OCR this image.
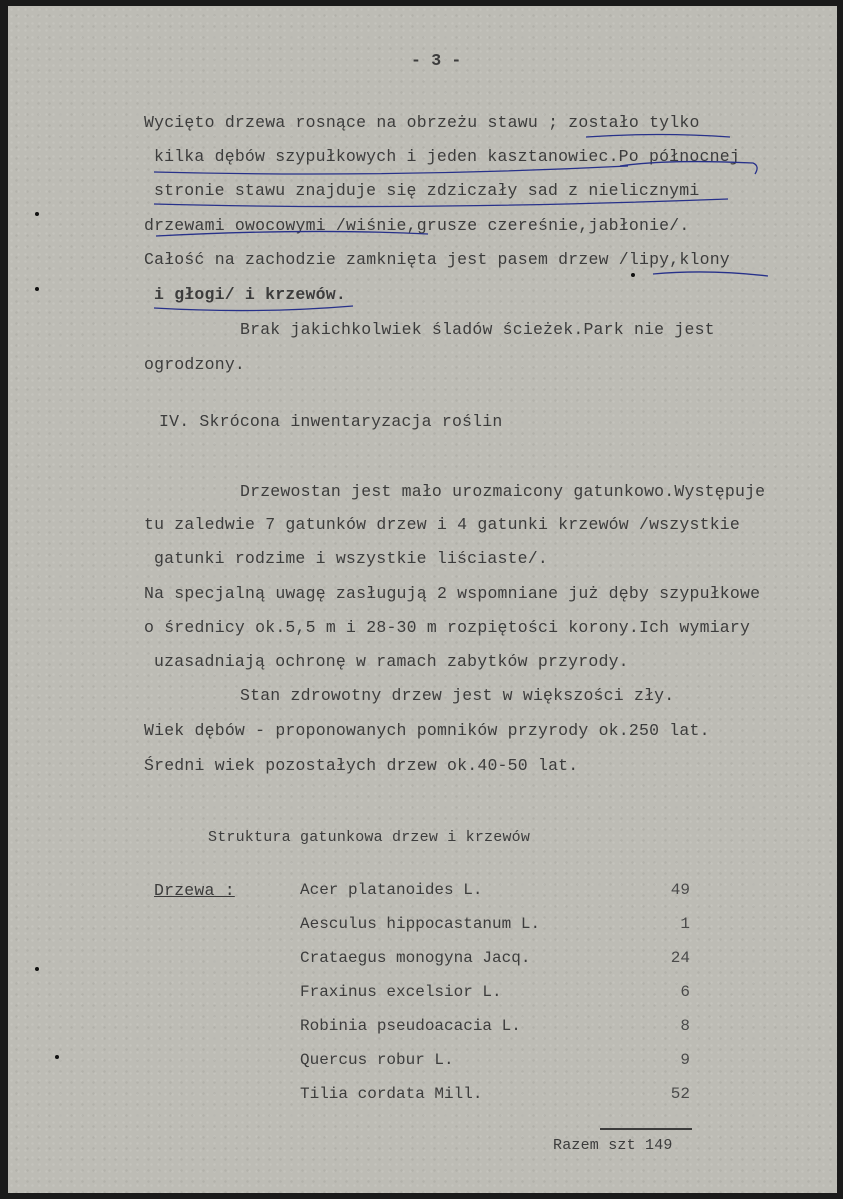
- 3 -
Wycięto drzewa rosnące na obrzeżu stawu ; zostało tylko
kilka dębów szypułkowych i jeden kasztanowiec.Po północnej
stronie stawu znajduje się zdziczały sad z nielicznymi
drzewami owocowymi /wiśnie,grusze czereśnie,jabłonie/.
Całość na zachodzie zamknięta jest pasem drzew /lipy,klony
i głogi/ i krzewów.
Brak jakichkolwiek śladów ścieżek.Park nie jest
ogrodzony.
IV. Skrócona inwentaryzacja roślin
Drzewostan jest mało urozmaicony gatunkowo.Występuje
tu zaledwie 7 gatunków drzew i 4 gatunki krzewów /wszystkie
gatunki rodzime i wszystkie liściaste/.
Na specjalną uwagę zasługują 2 wspomniane już dęby szypułkowe
o średnicy ok.5,5 m i 28-30 m rozpiętości korony.Ich wymiary
uzasadniają ochronę w ramach zabytków przyrody.
Stan zdrowotny drzew jest w większości zły.
Wiek dębów - proponowanych pomników przyrody ok.250 lat.
Średni wiek pozostałych drzew ok.40-50 lat.
Struktura gatunkowa drzew i krzewów
Drzewa :	Acer platanoides L.	49
Aesculus hippocastanum L.	1
Crataegus monogyna Jacq.	24
Fraxinus excelsior L.	6
Robinia pseudoacacia L.	8
Quercus robur L.	9
Tilia cordata Mill.	52
Razem szt 149
